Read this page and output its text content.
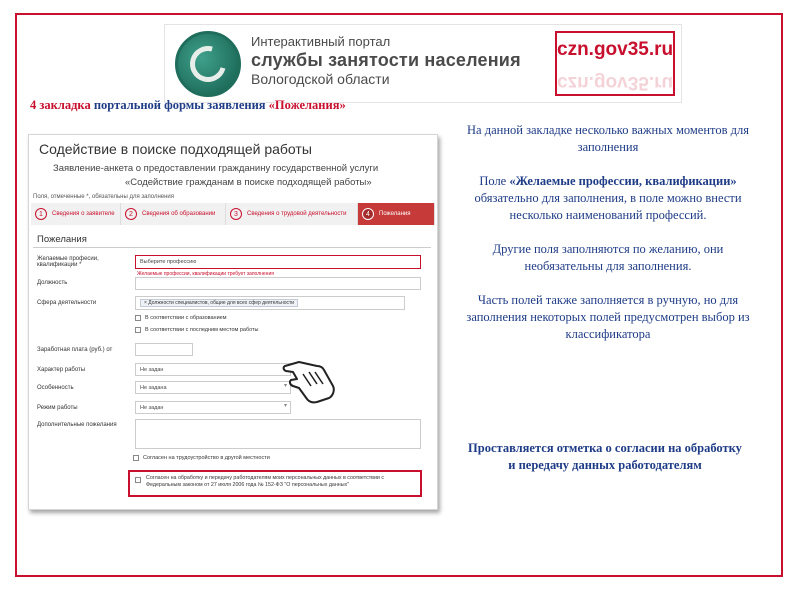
Интерактивный портал
службы занятости населения
Вологодской области
czn.gov35.ru
czn.gov35.ru
4 закладка портальной формы заявления «Пожелания»
Содействие в поиске подходящей работы
Заявление-анкета о предоставлении гражданину государственной услуги
«Содействие гражданам в поиске подходящей работы»
Поля, отмеченные *, обязательны для заполнения
1	Сведения о заявителе	2	Сведения об образовании	3	Сведения о трудовой деятельности	4	Пожелания
Пожелания
Желаемые професии, квалификации *	Выберите профессию
Желаемые профессии, квалификации требует заполнения
Должность
Сфера деятельности	× Должности специалистов, общие для всех сфер деятельности
В соответствии с образованием
В соответствии с последним местом работы
Заработная плата (руб.) от
Характер работы	Не задан ▾
Особенность	Не задана ▾
Режим работы	Не задан ▾
Дополнительные пожелания
Согласен на трудоустройство в другой местности
Согласен на обработку и передачу работодателям моих персональных данных в соответствии с Федеральным законом от 27 июля 2006 года № 152-ФЗ "О персональных данных"

На данной закладке несколько важных моментов для заполнения

Поле «Желаемые профессии, квалификации» обязательно для заполнения, в поле можно внести несколько наименований профессий.

Другие поля заполняются по желанию, они необязательны для заполнения.

Часть полей также заполняется в ручную, но для заполнения некоторых полей предусмотрен выбор из классификатора

Проставляется отметка о согласии на обработку и передачу данных работодателям
